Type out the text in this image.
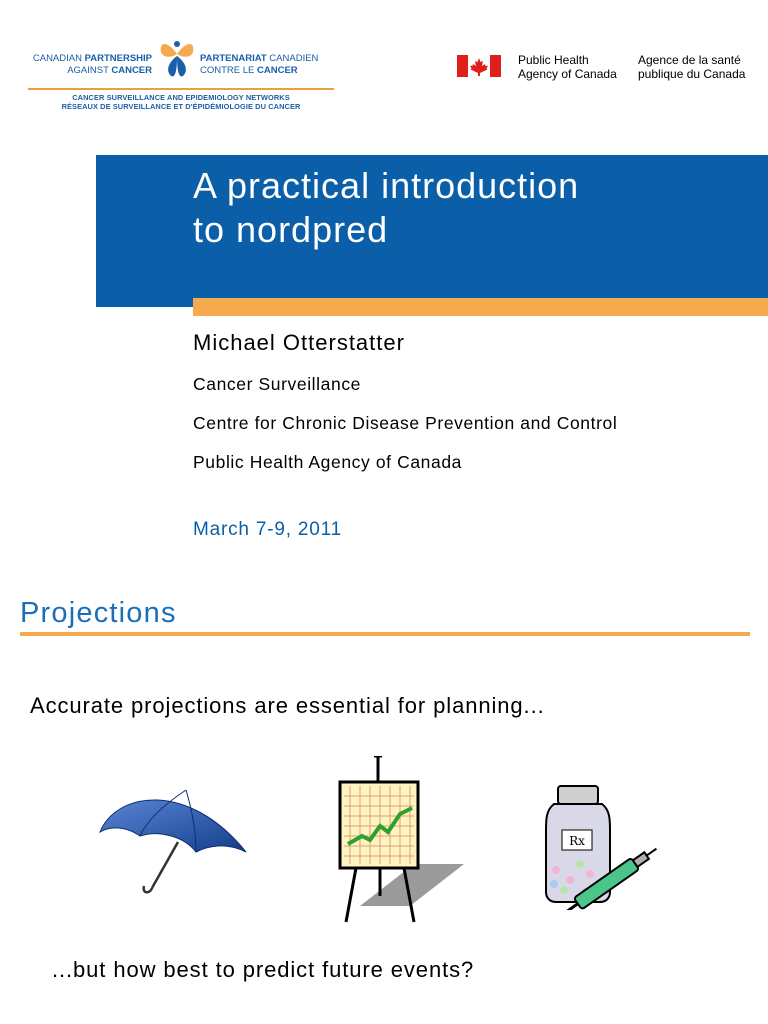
CANADIAN PARTNERSHIP
AGAINST CANCER
PARTENARIAT CANADIEN
CONTRE LE CANCER
CANCER SURVEILLANCE AND EPIDEMIOLOGY NETWORKS
RÉSEAUX DE SURVEILLANCE ET D'ÉPIDÉMIOLOGIE DU CANCER
Public Health
Agency of Canada
Agence de la santé
publique du Canada
A practical introduction
to nordpred
Michael Otterstatter
Cancer Surveillance
Centre for Chronic Disease Prevention and Control
Public Health Agency of Canada
March 7-9, 2011
Projections
Accurate projections are essential for planning...
Rx
...but how best to predict future events?
